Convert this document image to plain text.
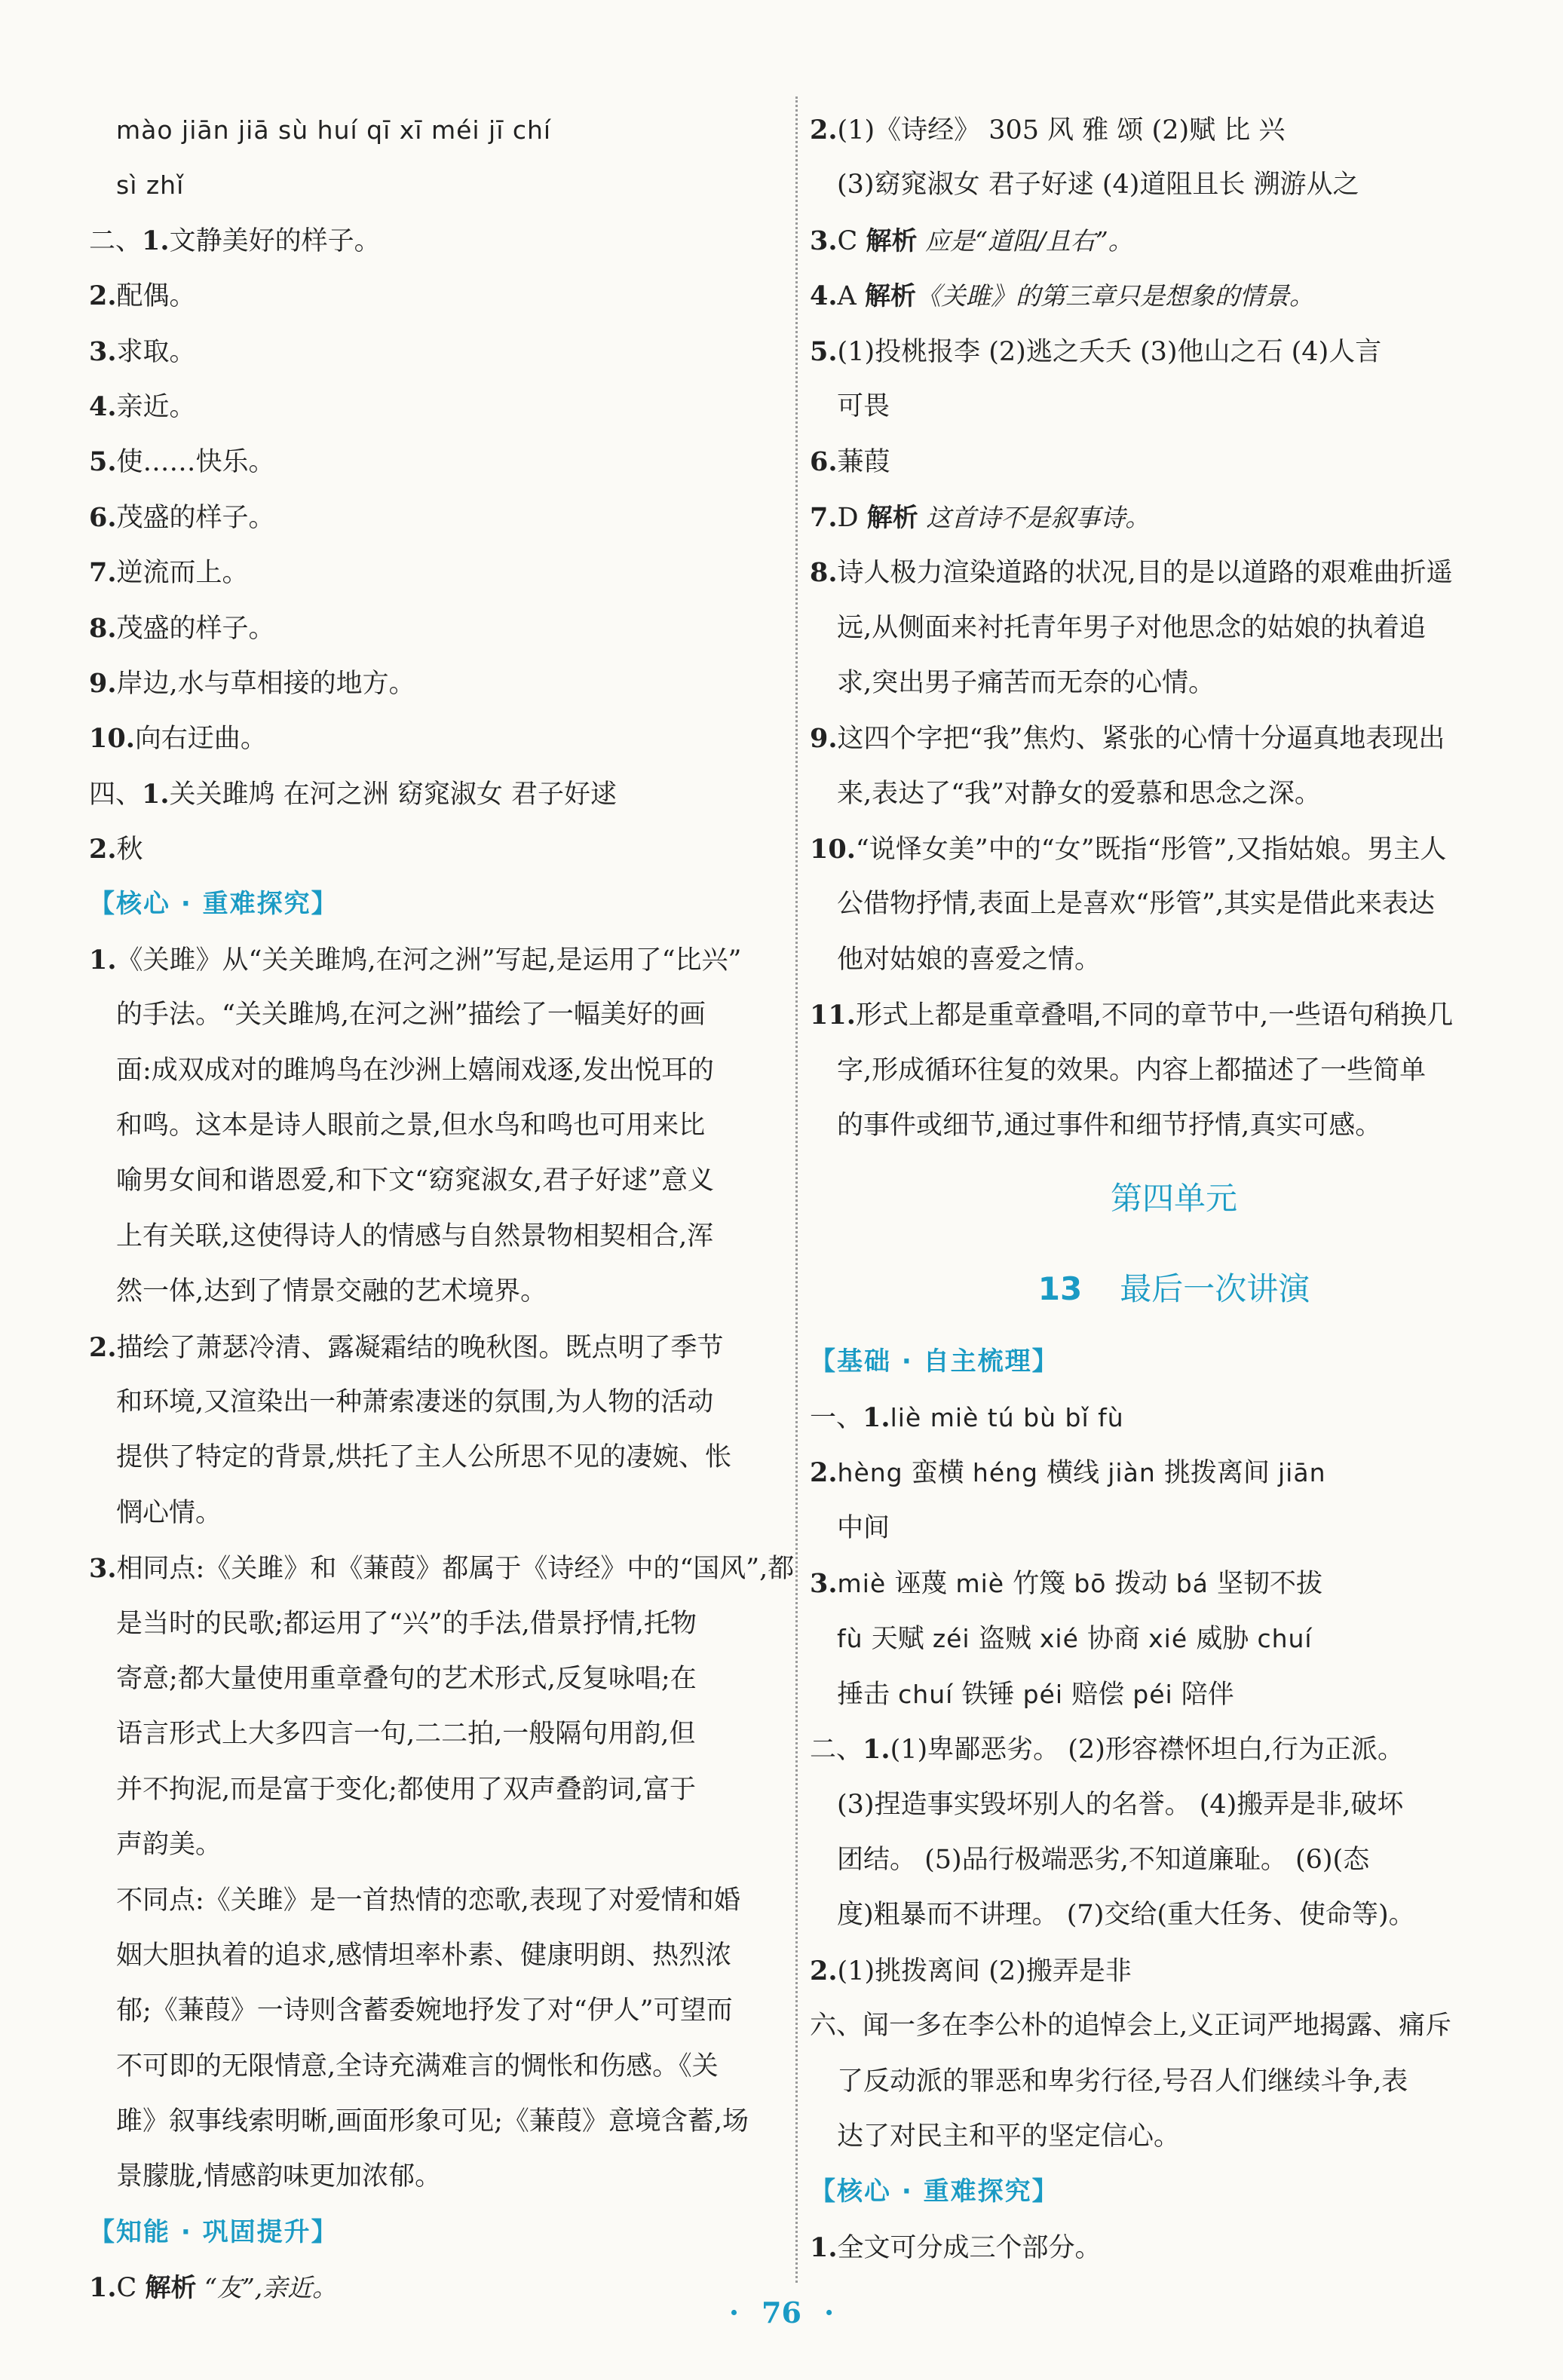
mào jiān jiā sù huí qī xī méi jī chí
sì zhǐ
二、1.文静美好的样子。
2.配偶。
3.求取。
4.亲近。
5.使……快乐。
6.茂盛的样子。
7.逆流而上。
8.茂盛的样子。
9.岸边,水与草相接的地方。
10.向右迂曲。
四、1.关关雎鸠 在河之洲 窈窕淑女 君子好逑
2.秋
【核心 · 重难探究】
1.《关雎》从“关关雎鸠,在河之洲”写起,是运用了“比兴”
的手法。“关关雎鸠,在河之洲”描绘了一幅美好的画
面:成双成对的雎鸠鸟在沙洲上嬉闹戏逐,发出悦耳的
和鸣。这本是诗人眼前之景,但水鸟和鸣也可用来比
喻男女间和谐恩爱,和下文“窈窕淑女,君子好逑”意义
上有关联,这使得诗人的情感与自然景物相契相合,浑
然一体,达到了情景交融的艺术境界。
2.描绘了萧瑟冷清、露凝霜结的晚秋图。既点明了季节
和环境,又渲染出一种萧索凄迷的氛围,为人物的活动
提供了特定的背景,烘托了主人公所思不见的凄婉、怅
惘心情。
3.相同点:《关雎》和《蒹葭》都属于《诗经》中的“国风”,都
是当时的民歌;都运用了“兴”的手法,借景抒情,托物
寄意;都大量使用重章叠句的艺术形式,反复咏唱;在
语言形式上大多四言一句,二二拍,一般隔句用韵,但
并不拘泥,而是富于变化;都使用了双声叠韵词,富于
声韵美。
不同点:《关雎》是一首热情的恋歌,表现了对爱情和婚
姻大胆执着的追求,感情坦率朴素、健康明朗、热烈浓
郁;《蒹葭》一诗则含蓄委婉地抒发了对“伊人”可望而
不可即的无限情意,全诗充满难言的惆怅和伤感。《关
雎》叙事线索明晰,画面形象可见;《蒹葭》意境含蓄,场
景朦胧,情感韵味更加浓郁。
【知能 · 巩固提升】
1.C 解析 “友”,亲近。
2.(1)《诗经》 305 风 雅 颂 (2)赋 比 兴
(3)窈窕淑女 君子好逑 (4)道阻且长 溯游从之
3.C 解析 应是“道阻/且右”。
4.A 解析《关雎》的第三章只是想象的情景。
5.(1)投桃报李 (2)逃之夭夭 (3)他山之石 (4)人言
可畏
6.蒹葭
7.D 解析 这首诗不是叙事诗。
8.诗人极力渲染道路的状况,目的是以道路的艰难曲折遥
远,从侧面来衬托青年男子对他思念的姑娘的执着追
求,突出男子痛苦而无奈的心情。
9.这四个字把“我”焦灼、紧张的心情十分逼真地表现出
来,表达了“我”对静女的爱慕和思念之深。
10.“说怿女美”中的“女”既指“彤管”,又指姑娘。男主人
公借物抒情,表面上是喜欢“彤管”,其实是借此来表达
他对姑娘的喜爱之情。
11.形式上都是重章叠唱,不同的章节中,一些语句稍换几
字,形成循环往复的效果。内容上都描述了一些简单
的事件或细节,通过事件和细节抒情,真实可感。
第四单元
13 最后一次讲演
【基础 · 自主梳理】
一、1.liè miè tú bù bǐ fù
2.hèng 蛮横 héng 横线 jiàn 挑拨离间 jiān
中间
3.miè 诬蔑 miè 竹篾 bō 拨动 bá 坚韧不拔
fù 天赋 zéi 盗贼 xié 协商 xié 威胁 chuí
捶击 chuí 铁锤 péi 赔偿 péi 陪伴
二、1.(1)卑鄙恶劣。 (2)形容襟怀坦白,行为正派。
(3)捏造事实毁坏别人的名誉。 (4)搬弄是非,破坏
团结。 (5)品行极端恶劣,不知道廉耻。 (6)(态
度)粗暴而不讲理。 (7)交给(重大任务、使命等)。
2.(1)挑拨离间 (2)搬弄是非
六、闻一多在李公朴的追悼会上,义正词严地揭露、痛斥
了反动派的罪恶和卑劣行径,号召人们继续斗争,表
达了对民主和平的坚定信心。
【核心 · 重难探究】
1.全文可分成三个部分。
· 76 ·
